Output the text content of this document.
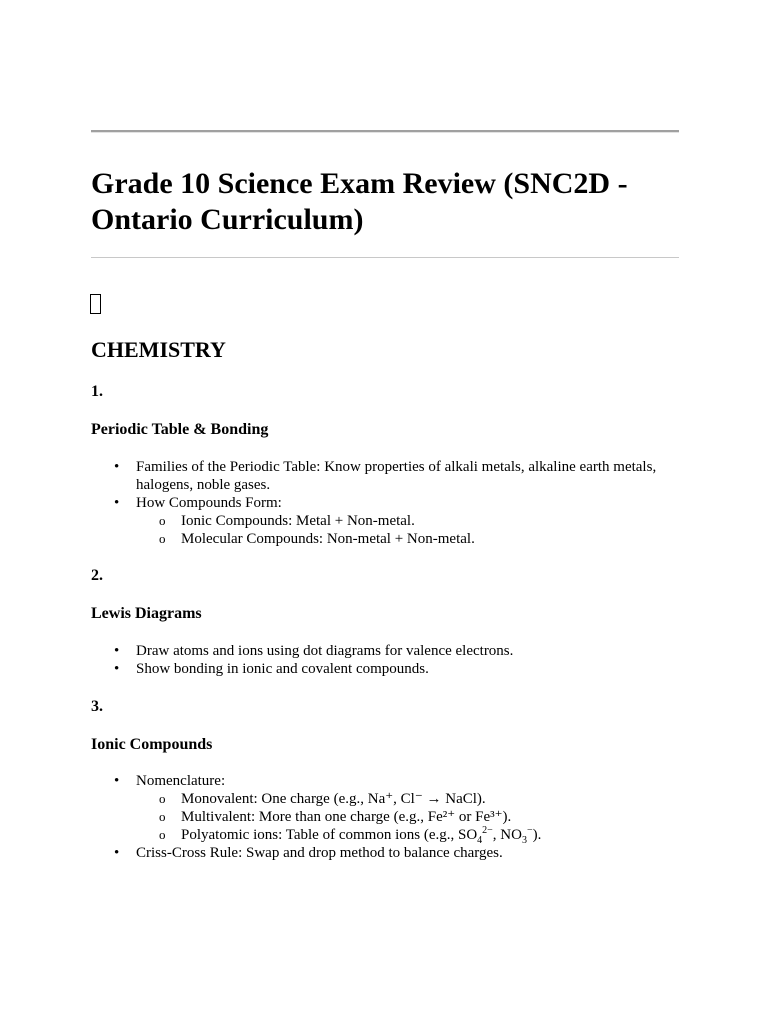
Grade 10 Science Exam Review (SNC2D - Ontario Curriculum)
CHEMISTRY
1.
Periodic Table & Bonding
• Families of the Periodic Table: Know properties of alkali metals, alkaline earth metals, halogens, noble gases.
• How Compounds Form:
o Ionic Compounds: Metal + Non-metal.
o Molecular Compounds: Non-metal + Non-metal.
2.
Lewis Diagrams
• Draw atoms and ions using dot diagrams for valence electrons.
• Show bonding in ionic and covalent compounds.
3.
Ionic Compounds
• Nomenclature:
o Monovalent: One charge (e.g., Na⁺, Cl⁻ → NaCl).
o Multivalent: More than one charge (e.g., Fe²⁺ or Fe³⁺).
o Polyatomic ions: Table of common ions (e.g., $SO_4^{2-}$, $NO_3^-$).
• Criss-Cross Rule: Swap and drop method to balance charges.
